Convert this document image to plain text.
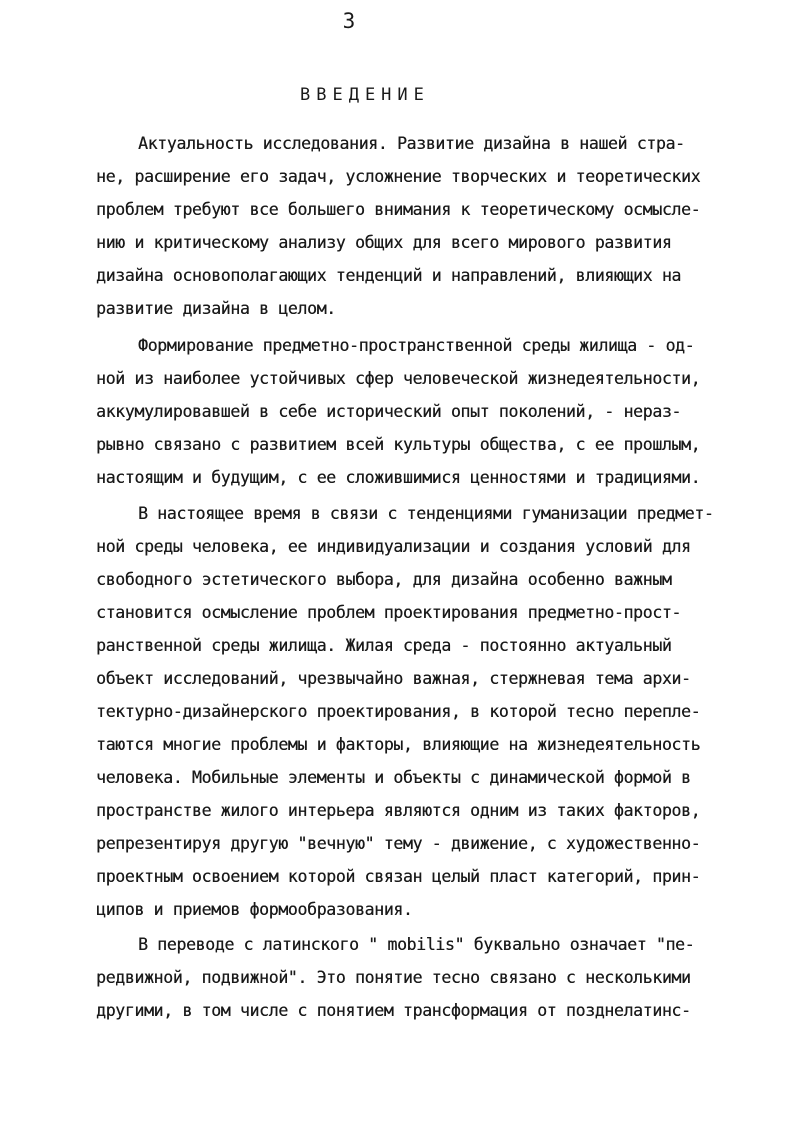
3
ВВЕДЕНИЕ
Актуальность исследования. Развитие дизайна в нашей стра-
не, расширение его задач, усложнение творческих и теоретических
проблем требуют все большего внимания к теоретическому осмысле-
нию и критическому анализу общих для всего мирового развития
дизайна основополагающих тенденций и направлений, влияющих на
развитие дизайна в целом.
Формирование предметно-пространственной среды жилища - од-
ной из наиболее устойчивых сфер человеческой жизнедеятельности,
аккумулировавшей в себе исторический опыт поколений, - нераз-
рывно связано с развитием всей культуры общества, с ее прошлым,
настоящим и будущим, с ее сложившимися ценностями и традициями.
В настоящее время в связи с тенденциями гуманизации предмет-
ной среды человека, ее индивидуализации и создания условий для
свободного эстетического выбора, для дизайна особенно важным
становится осмысление проблем проектирования предметно-прост-
ранственной среды жилища. Жилая среда - постоянно актуальный
объект исследований, чрезвычайно важная, стержневая тема архи-
тектурно-дизайнерского проектирования, в которой тесно перепле-
таются многие проблемы и факторы, влияющие на жизнедеятельность
человека. Мобильные элементы и объекты с динамической формой в
пространстве жилого интерьера являются одним из таких факторов,
репрезентируя другую "вечную" тему - движение, с художественно-
проектным освоением которой связан целый пласт категорий, прин-
ципов и приемов формообразования.
В переводе с латинского " mobilis" буквально означает "пе-
редвижной, подвижной". Это понятие тесно связано с несколькими
другими, в том числе с понятием трансформация от позднелатинс-
